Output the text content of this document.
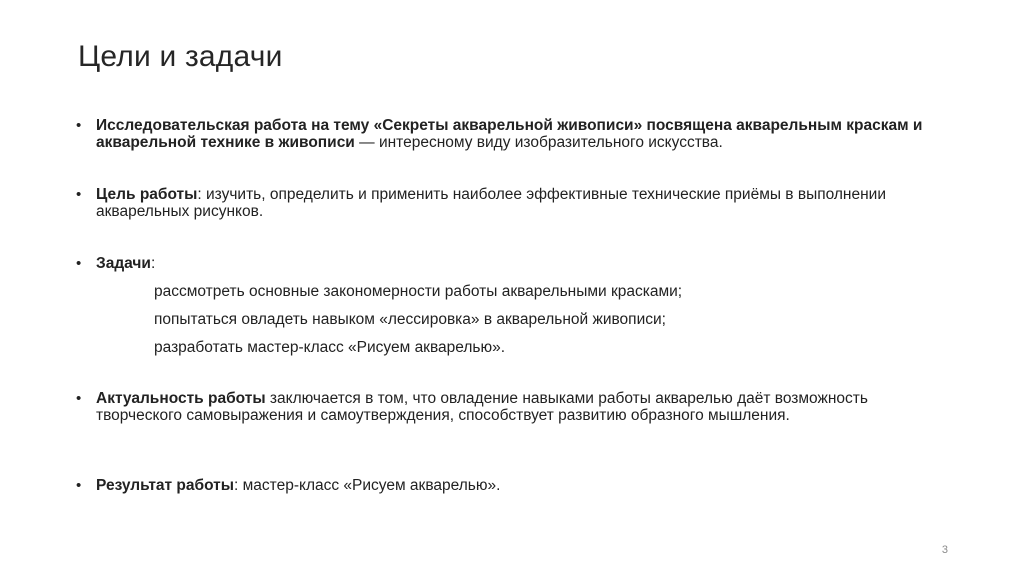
Цели и задачи
• Исследовательская работа на тему «Секреты акварельной живописи» посвящена акварельным краскам и акварельной технике в живописи — интересному виду изобразительного искусства.
• Цель работы: изучить, определить и применить наиболее эффективные технические приёмы в выполнении акварельных рисунков.
• Задачи:
рассмотреть основные закономерности работы акварельными красками;
попытаться овладеть навыком «лессировка» в акварельной живописи;
разработать мастер-класс «Рисуем акварелью».
• Актуальность работы заключается в том, что овладение навыками работы акварелью даёт возможность творческого самовыражения и самоутверждения, способствует развитию образного мышления.
• Результат работы: мастер-класс «Рисуем акварелью».
3
